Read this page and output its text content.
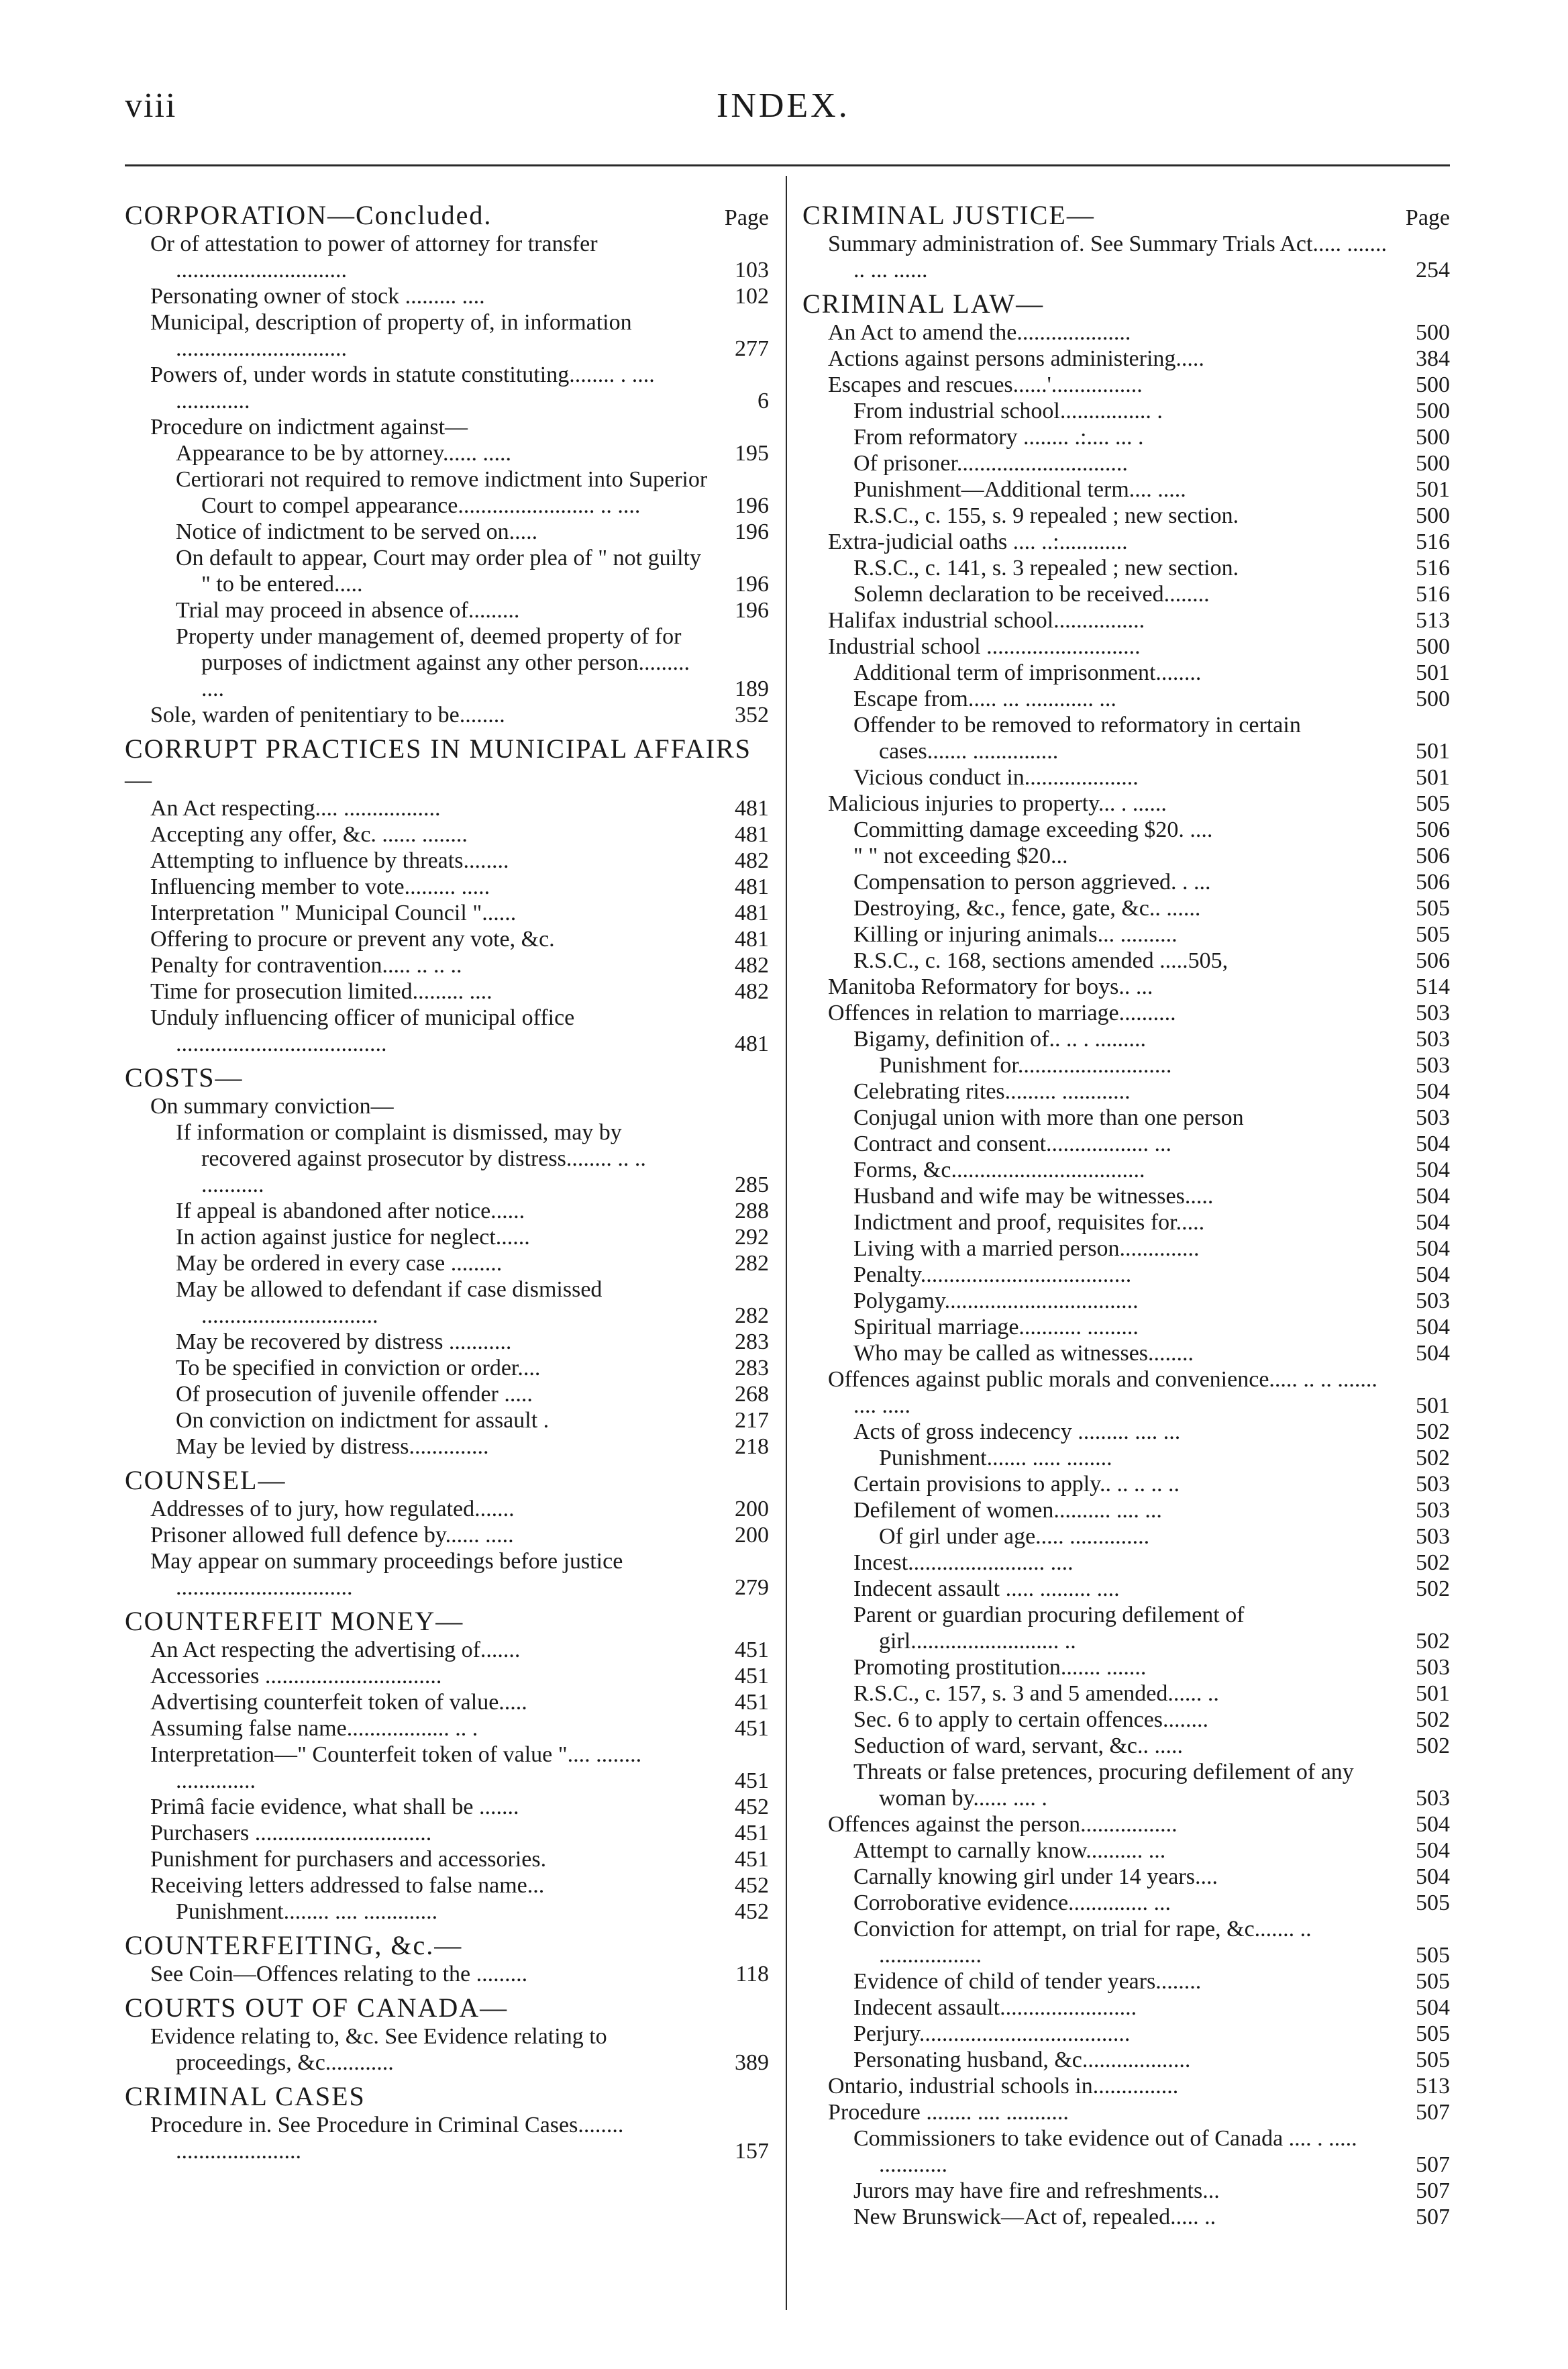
viii	INDEX.
CORPORATION—Concluded.	Page
Or of attestation to power of attorney for transfer ..............................	103
Personating owner of stock ......... ....	102
Municipal, description of property of, in information ..............................	277
Powers of, under words in statute constituting........ . .... .............	6
Procedure on indictment against—
Appearance to be by attorney...... .....	195
Certiorari not required to remove indictment into Superior Court to compel appearance........................ .. ....	196
Notice of indictment to be served on.....	196
On default to appear, Court may order plea of " not guilty " to be entered.....	196
Trial may proceed in absence of.........	196
Property under management of, deemed property of for purposes of indictment against any other person......... ....	189
Sole, warden of penitentiary to be........	352
CORRUPT PRACTICES IN MUNICIPAL AFFAIRS—
An Act respecting.... .................	481
Accepting any offer, &c. ...... ........	481
Attempting to influence by threats........	482
Influencing member to vote......... .....	481
Interpretation " Municipal Council "......	481
Offering to procure or prevent any vote, &c.	481
Penalty for contravention..... .. .. ..	482
Time for prosecution limited......... ....	482
Unduly influencing officer of municipal office .....................................	481
COSTS—
On summary conviction—
If information or complaint is dismissed, may by recovered against prosecutor by distress........ .. .. ...........	285
If appeal is abandoned after notice......	288
In action against justice for neglect......	292
May be ordered in every case .........	282
May be allowed to defendant if case dismissed ...............................	282
May be recovered by distress ...........	283
To be specified in conviction or order....	283
Of prosecution of juvenile offender .....	268
On conviction on indictment for assault .	217
May be levied by distress..............	218
COUNSEL—
Addresses of to jury, how regulated.......	200
Prisoner allowed full defence by...... .....	200
May appear on summary proceedings before justice ...............................	279
COUNTERFEIT MONEY—
An Act respecting the advertising of.......	451
Accessories ...............................	451
Advertising counterfeit token of value.....	451
Assuming false name.................. .. .	451
Interpretation—" Counterfeit token of value ".... ........ ..............	451
Primâ facie evidence, what shall be .......	452
Purchasers ...............................	451
Punishment for purchasers and accessories.	451
Receiving letters addressed to false name...	452
Punishment........ .... .............	452
COUNTERFEITING, &c.—
See Coin—Offences relating to the .........	118
COURTS OUT OF CANADA—
Evidence relating to, &c. See Evidence relating to proceedings, &c............	389
CRIMINAL CASES
Procedure in. See Procedure in Criminal Cases........ ......................	157
CRIMINAL JUSTICE—	Page
Summary administration of. See Summary Trials Act..... ....... .. ... ......	254
CRIMINAL LAW—
An Act to amend the....................	500
Actions against persons administering.....	384
Escapes and rescues......'................	500
From industrial school................ .	500
From reformatory ........ .:.... ... .	500
Of prisoner..............................	500
Punishment—Additional term.... .....	501
R.S.C., c. 155, s. 9 repealed ; new section.	500
Extra-judicial oaths .... ..:............	516
R.S.C., c. 141, s. 3 repealed ; new section.	516
Solemn declaration to be received........	516
Halifax industrial school................	513
Industrial school ...........................	500
Additional term of imprisonment........	501
Escape from..... ... ............ ...	500
Offender to be removed to reformatory in certain cases....... ...............	501
Vicious conduct in....................	501
Malicious injuries to property... . ......	505
Committing damage exceeding $20. ....	506
" " not exceeding $20...	506
Compensation to person aggrieved. . ...	506
Destroying, &c., fence, gate, &c.. ......	505
Killing or injuring animals... ..........	505
R.S.C., c. 168, sections amended .....505,	506
Manitoba Reformatory for boys.. ...	514
Offences in relation to marriage..........	503
Bigamy, definition of.. .. . .........	503
Punishment for...........................	503
Celebrating rites......... ............	504
Conjugal union with more than one person	503
Contract and consent.................. ...	504
Forms, &c..................................	504
Husband and wife may be witnesses.....	504
Indictment and proof, requisites for.....	504
Living with a married person..............	504
Penalty.....................................	504
Polygamy..................................	503
Spiritual marriage........... .........	504
Who may be called as witnesses........	504
Offences against public morals and convenience..... .. .. ....... .... .....	501
Acts of gross indecency ......... .... ...	502
Punishment....... ..... ........	502
Certain provisions to apply.. .. .. .. ..	503
Defilement of women.......... .... ...	503
Of girl under age..... ..............	503
Incest........................ ....	502
Indecent assault ..... ......... ....	502
Parent or guardian procuring defilement of girl.......................... ..	502
Promoting prostitution....... .......	503
R.S.C., c. 157, s. 3 and 5 amended...... ..	501
Sec. 6 to apply to certain offences........	502
Seduction of ward, servant, &c.. .....	502
Threats or false pretences, procuring defilement of any woman by...... .... .	503
Offences against the person.................	504
Attempt to carnally know.......... ...	504
Carnally knowing girl under 14 years....	504
Corroborative evidence.............. ...	505
Conviction for attempt, on trial for rape, &c....... .. ..................	505
Evidence of child of tender years........	505
Indecent assault........................	504
Perjury.....................................	505
Personating husband, &c...................	505
Ontario, industrial schools in...............	513
Procedure ........ .... ...........	507
Commissioners to take evidence out of Canada .... . ..... ............	507
Jurors may have fire and refreshments...	507
New Brunswick—Act of, repealed..... ..	507
